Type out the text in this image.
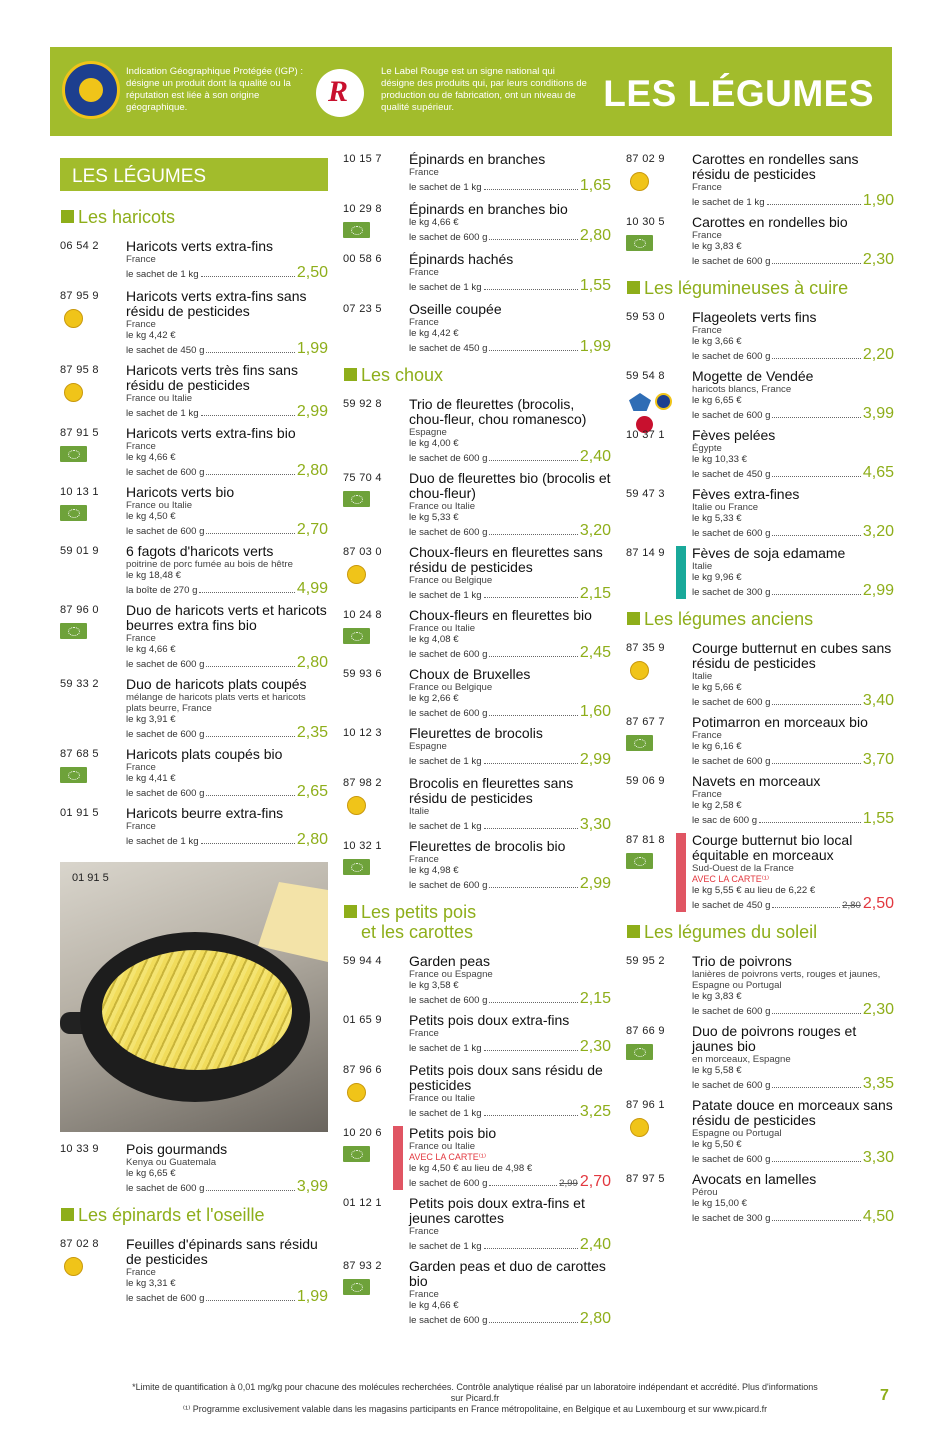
Indication Géographique Protégée (IGP) : désigne un produit dont la qualité ou la réputation est liée à son origine géographique.
R
Le Label Rouge est un signe national qui désigne des produits qui, par leurs conditions de production ou de fabrication, ont un niveau de qualité supérieur.	LES LÉGUMES
LES LÉGUMES
Les haricots
06 54 2 Haricots verts extra-fins
France
le sachet de 1 kg	2,50
87 95 9 Haricots verts extra-fins sans résidu de pesticides
France
le kg 4,42 €
le sachet de 450 g	1,99
87 95 8 Haricots verts très fins sans résidu de pesticides
France ou Italie
le sachet de 1 kg	2,99
87 91 5 Haricots verts extra-fins bio
France
le kg 4,66 €
le sachet de 600 g	2,80
10 13 1 Haricots verts bio
France ou Italie
le kg 4,50 €
le sachet de 600 g	2,70
59 01 9 6 fagots d'haricots verts
poitrine de porc fumée au bois de hêtre
le kg 18,48 €
la boîte de 270 g	4,99
87 96 0 Duo de haricots verts et haricots beurres extra fins bio
France
le kg 4,66 €
le sachet de 600 g	2,80
59 33 2 Duo de haricots plats coupés
mélange de haricots plats verts et haricots plats beurre, France
le kg 3,91 €
le sachet de 600 g	2,35
87 68 5 Haricots plats coupés bio
France
le kg 4,41 €
le sachet de 600 g	2,65
01 91 5 Haricots beurre extra-fins
France
le sachet de 1 kg	2,80
01 91 5
10 33 9 Pois gourmands
Kenya ou Guatemala
le kg 6,65 €
le sachet de 600 g	3,99
Les épinards et l'oseille
87 02 8 Feuilles d'épinards sans résidu de pesticides
France
le kg 3,31 €
le sachet de 600 g	1,99
10 15 7 Épinards en branches
France
le sachet de 1 kg	1,65
10 29 8 Épinards en branches bio
le kg 4,66 €
le sachet de 600 g	2,80
00 58 6 Épinards hachés
France
le sachet de 1 kg	1,55
07 23 5 Oseille coupée
France
le kg 4,42 €
le sachet de 450 g	1,99
Les choux
59 92 8 Trio de fleurettes (brocolis, chou-fleur, chou romanesco)
Espagne
le kg 4,00 €
le sachet de 600 g	2,40
75 70 4 Duo de fleurettes bio (brocolis et chou-fleur)
France ou Italie
le kg 5,33 €
le sachet de 600 g	3,20
87 03 0 Choux-fleurs en fleurettes sans résidu de pesticides
France ou Belgique
le sachet de 1 kg	2,15
10 24 8 Choux-fleurs en fleurettes bio
France ou Italie
le kg 4,08 €
le sachet de 600 g	2,45
59 93 6 Choux de Bruxelles
France ou Belgique
le kg 2,66 €
le sachet de 600 g	1,60
10 12 3 Fleurettes de brocolis
Espagne
le sachet de 1 kg	2,99
87 98 2 Brocolis en fleurettes sans résidu de pesticides
Italie
le sachet de 1 kg	3,30
10 32 1 Fleurettes de brocolis bio
France
le kg 4,98 €
le sachet de 600 g	2,99
Les petits pois
et les carottes
59 94 4 Garden peas
France ou Espagne
le kg 3,58 €
le sachet de 600 g	2,15
01 65 9 Petits pois doux extra-fins
France
le sachet de 1 kg	2,30
87 96 6 Petits pois doux sans résidu de pesticides
France ou Italie
le sachet de 1 kg	3,25
10 20 6 Petits pois bio
France ou Italie
AVEC LA CARTE⁽¹⁾
le kg 4,50 € au lieu de 4,98 €
le sachet de 600 g	2,99 2,70
01 12 1 Petits pois doux extra-fins et jeunes carottes
France
le sachet de 1 kg	2,40
87 93 2 Garden peas et duo de carottes bio
France
le kg 4,66 €
le sachet de 600 g	2,80
87 02 9 Carottes en rondelles sans résidu de pesticides
France
le sachet de 1 kg	1,90
10 30 5 Carottes en rondelles bio
France
le kg 3,83 €
le sachet de 600 g	2,30
Les légumineuses à cuire
59 53 0 Flageolets verts fins
France
le kg 3,66 €
le sachet de 600 g	2,20
59 54 8 Mogette de Vendée
haricots blancs, France
le kg 6,65 €
le sachet de 600 g	3,99
10 37 1 Fèves pelées
Égypte
le kg 10,33 €
le sachet de 450 g	4,65
59 47 3 Fèves extra-fines
Italie ou France
le kg 5,33 €
le sachet de 600 g	3,20
87 14 9 Fèves de soja edamame
Italie
le kg 9,96 €
le sachet de 300 g	2,99
Les légumes anciens
87 35 9 Courge butternut en cubes sans résidu de pesticides
Italie
le kg 5,66 €
le sachet de 600 g	3,40
87 67 7 Potimarron en morceaux bio
France
le kg 6,16 €
le sachet de 600 g	3,70
59 06 9 Navets en morceaux
France
le kg 2,58 €
le sac de 600 g	1,55
87 81 8 Courge butternut bio local équitable en morceaux
Sud-Ouest de la France
AVEC LA CARTE⁽¹⁾
le kg 5,55 € au lieu de 6,22 €
le sachet de 450 g	2,80 2,50
Les légumes du soleil
59 95 2 Trio de poivrons
lanières de poivrons verts, rouges et jaunes, Espagne ou Portugal
le kg 3,83 €
le sachet de 600 g	2,30
87 66 9 Duo de poivrons rouges et jaunes bio
en morceaux, Espagne
le kg 5,58 €
le sachet de 600 g	3,35
87 96 1 Patate douce en morceaux sans résidu de pesticides
Espagne ou Portugal
le kg 5,50 €
le sachet de 600 g	3,30
87 97 5 Avocats en lamelles
Pérou
le kg 15,00 €
le sachet de 300 g	4,50
*Limite de quantification à 0,01 mg/kg pour chacune des molécules recherchées. Contrôle analytique réalisé par un laboratoire indépendant et accrédité. Plus d'informations sur Picard.fr
⁽¹⁾ Programme exclusivement valable dans les magasins participants en France métropolitaine, en Belgique et au Luxembourg et sur www.picard.fr
7
